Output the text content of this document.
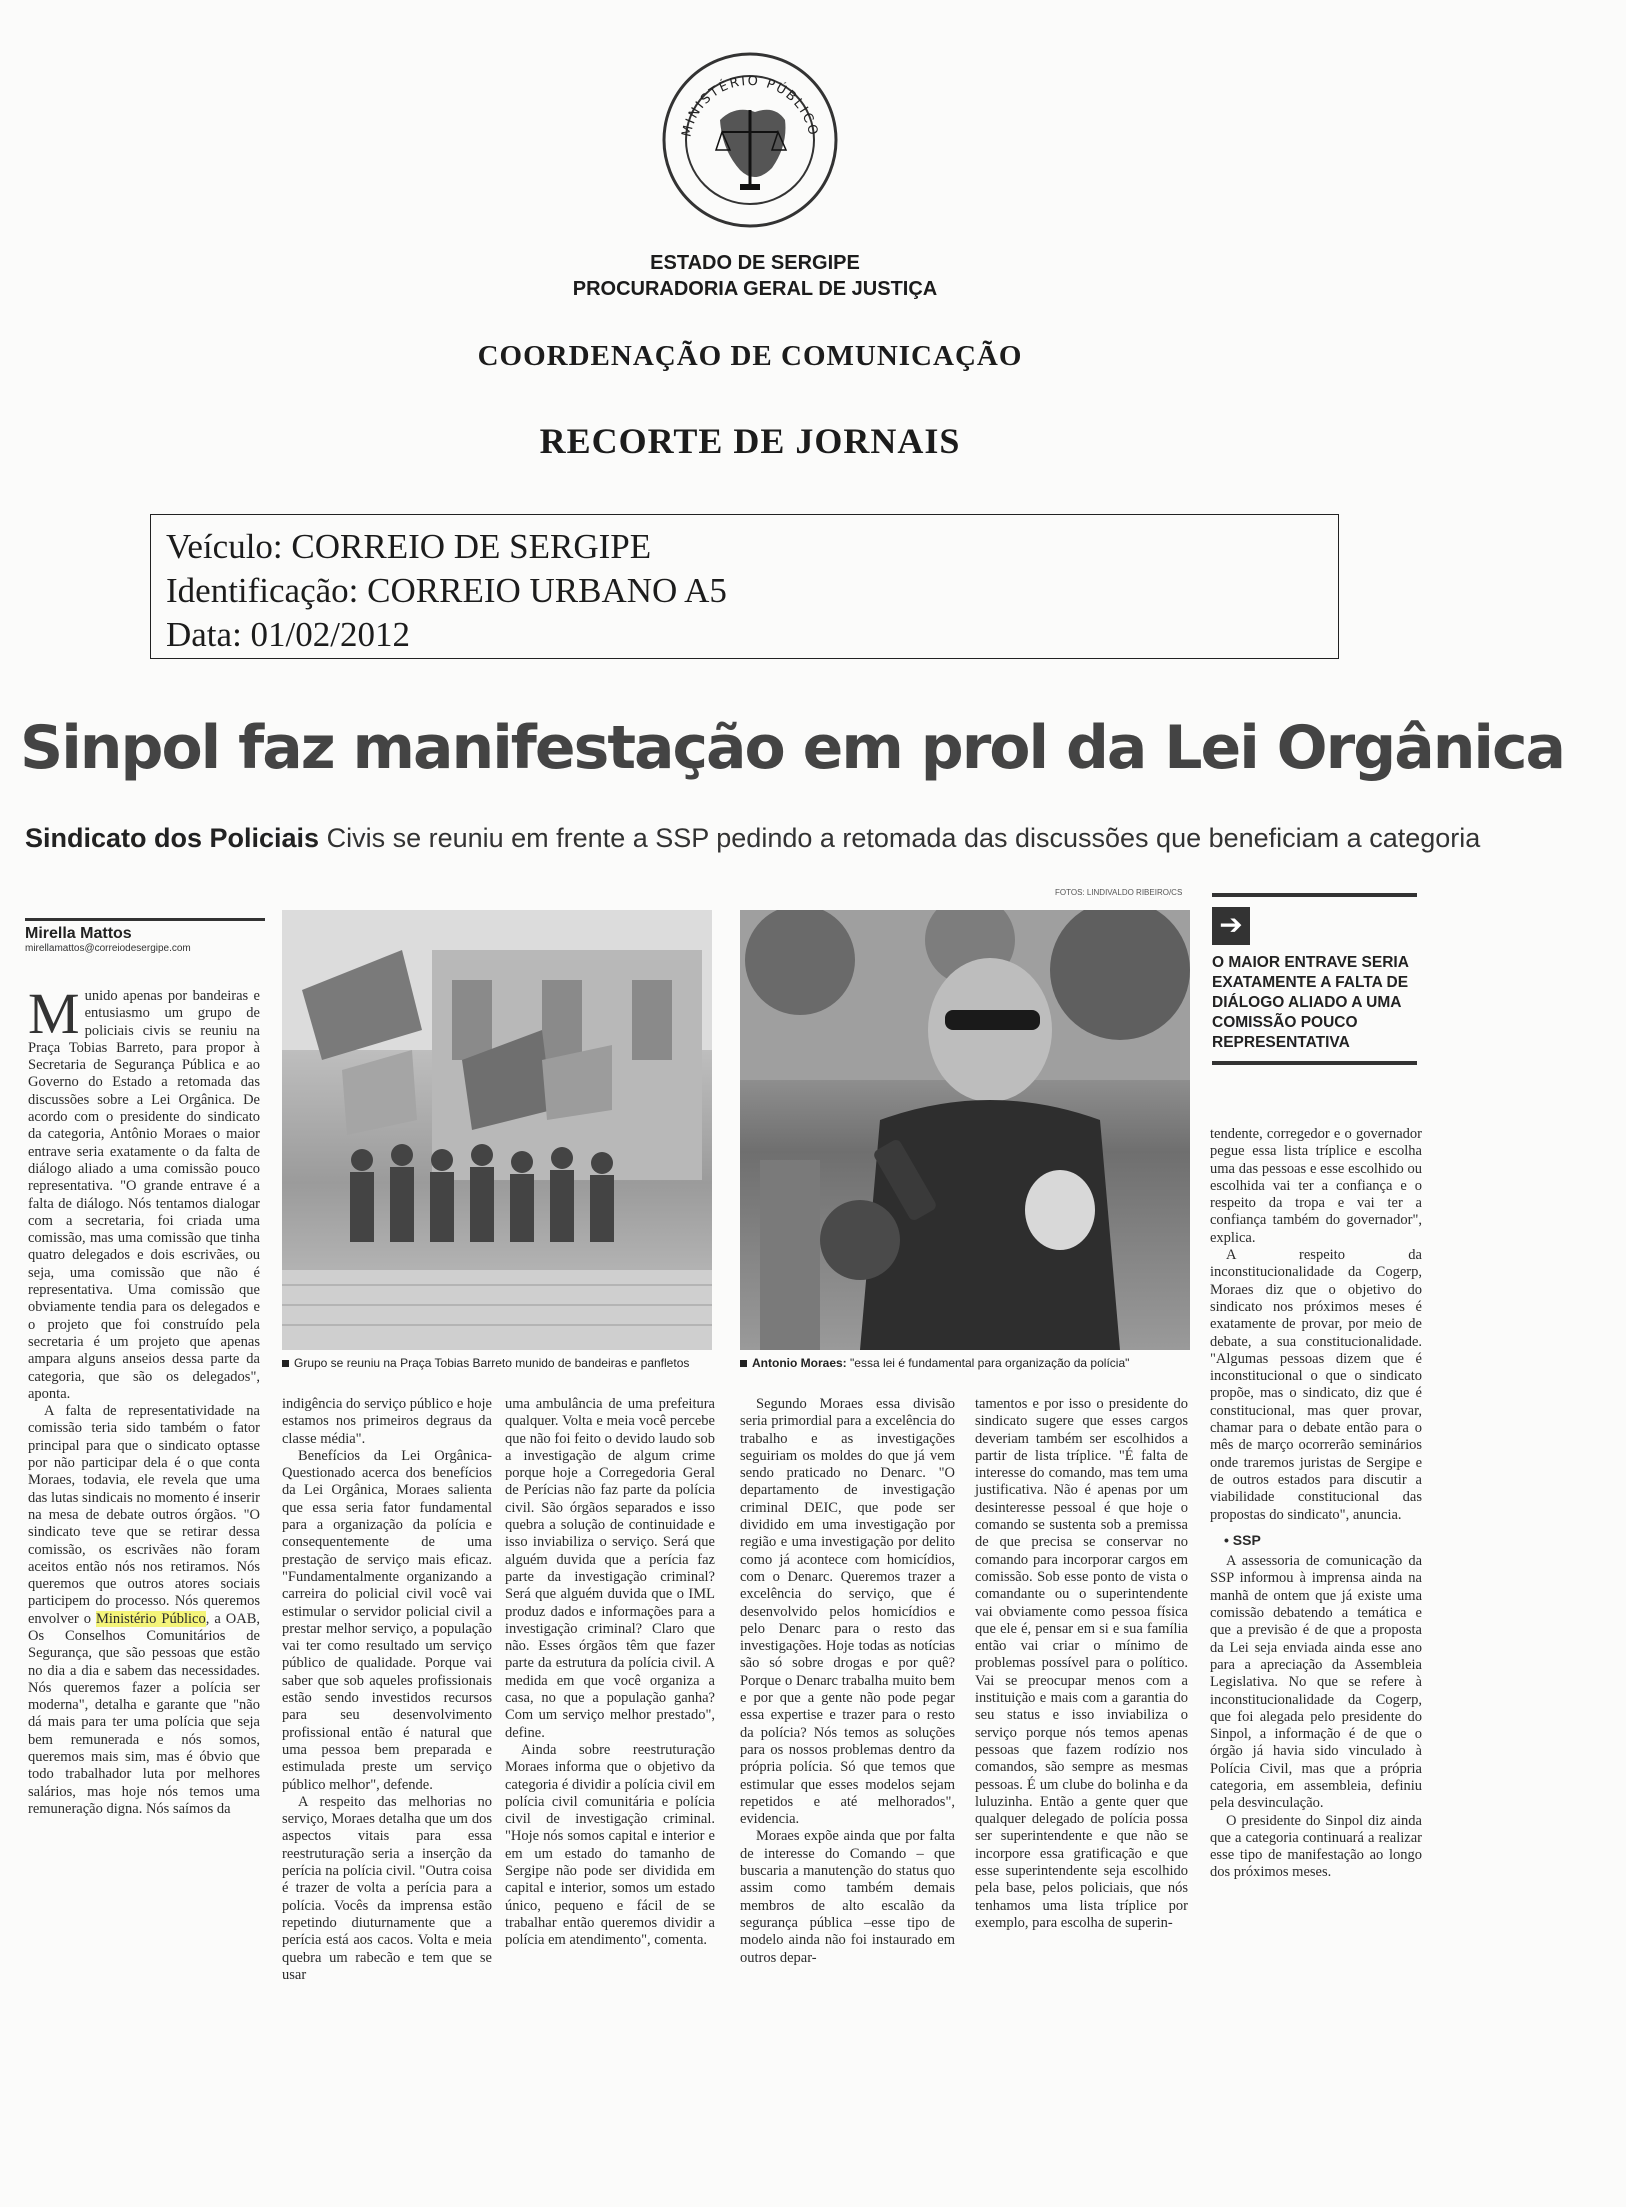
MINISTÉRIO PÚBLICO
ESTADO DE SERGIPE
PROCURADORIA GERAL DE JUSTIÇA
COORDENAÇÃO DE COMUNICAÇÃO
RECORTE DE JORNAIS
Veículo: CORREIO DE SERGIPE
Identificação: CORREIO URBANO A5
Data: 01/02/2012
Sinpol faz manifestação em prol da Lei Orgânica
Sindicato dos Policiais Civis se reuniu em frente a SSP pedindo a retomada das discussões que beneficiam a categoria
FOTOS: LINDIVALDO RIBEIRO/CS
Mirella Mattos
mirellamattos@correiodesergipe.com
Grupo se reuniu na Praça Tobias Barreto munido de bandeiras e panfletos	Antonio Moraes: "essa lei é fundamental para organização da polícia"
➔
O MAIOR ENTRAVE SERIA EXATAMENTE A FALTA DE DIÁLOGO ALIADO A UMA COMISSÃO POUCO REPRESENTATIVA

Munido apenas por bandeiras e entusiasmo um grupo de policiais civis se reuniu na Praça Tobias Barreto, para propor à Secretaria de Segurança Pública e ao Governo do Estado a retomada das discussões sobre a Lei Orgânica. De acordo com o presidente do sindicato da categoria, Antônio Moraes o maior entrave seria exatamente o da falta de diálogo aliado a uma comissão pouco representativa. "O grande entrave é a falta de diálogo. Nós tentamos dialogar com a secretaria, foi criada uma comissão, mas uma comissão que tinha quatro delegados e dois escrivães, ou seja, uma comissão que não é representativa. Uma comissão que obviamente tendia para os delegados e o projeto que foi construído pela secretaria é um projeto que apenas ampara alguns anseios dessa parte da categoria, que são os delegados", aponta.

A falta de representatividade na comissão teria sido também o fator principal para que o sindicato optasse por não participar dela é o que conta Moraes, todavia, ele revela que uma das lutas sindicais no momento é inserir na mesa de debate outros órgãos. "O sindicato teve que se retirar dessa comissão, os escrivães não foram aceitos então nós nos retiramos. Nós queremos que outros atores sociais participem do processo. Nós queremos envolver o Ministério Público, a OAB, Os Conselhos Comunitários de Segurança, que são pessoas que estão no dia a dia e sabem das necessidades. Nós queremos fazer a polícia ser moderna", detalha e garante que "não dá mais para ter uma polícia que seja bem remunerada e nós somos, queremos mais sim, mas é óbvio que todo trabalhador luta por melhores salários, mas hoje nós temos uma remuneração digna. Nós saímos da

indigência do serviço público e hoje estamos nos primeiros degraus da classe média".

Benefícios da Lei Orgânica- Questionado acerca dos benefícios da Lei Orgânica, Moraes salienta que essa seria fator fundamental para a organização da polícia e consequentemente de uma prestação de serviço mais eficaz. "Fundamentalmente organizando a carreira do policial civil você vai estimular o servidor policial civil a prestar melhor serviço, a população vai ter como resultado um serviço público de qualidade. Porque vai saber que sob aqueles profissionais estão sendo investidos recursos para seu desenvolvimento profissional então é natural que uma pessoa bem preparada e estimulada preste um serviço público melhor", defende.

A respeito das melhorias no serviço, Moraes detalha que um dos aspectos vitais para essa reestruturação seria a inserção da perícia na polícia civil. "Outra coisa é trazer de volta a perícia para a polícia. Vocês da imprensa estão repetindo diuturnamente que a perícia está aos cacos. Volta e meia quebra um rabecão e tem que se usar

uma ambulância de uma prefeitura qualquer. Volta e meia você percebe que não foi feito o devido laudo sob a investigação de algum crime porque hoje a Corregedoria Geral de Perícias não faz parte da polícia civil. São órgãos separados e isso quebra a solução de continuidade e isso inviabiliza o serviço. Será que alguém duvida que a perícia faz parte da investigação criminal? Será que alguém duvida que o IML produz dados e informações para a investigação criminal? Claro que não. Esses órgãos têm que fazer parte da estrutura da polícia civil. A medida em que você organiza a casa, no que a população ganha? Com um serviço melhor prestado", define.

Ainda sobre reestruturação Moraes informa que o objetivo da categoria é dividir a polícia civil em polícia civil comunitária e polícia civil de investigação criminal. "Hoje nós somos capital e interior e em um estado do tamanho de Sergipe não pode ser dividida em capital e interior, somos um estado único, pequeno e fácil de se trabalhar então queremos dividir a polícia em atendimento", comenta.

Segundo Moraes essa divisão seria primordial para a excelência do trabalho e as investigações seguiriam os moldes do que já vem sendo praticado no Denarc. "O departamento de investigação criminal DEIC, que pode ser dividido em uma investigação por região e uma investigação por delito como já acontece com homicídios, com o Denarc. Queremos trazer a excelência do serviço, que é desenvolvido pelos homicídios e pelo Denarc para o resto das investigações. Hoje todas as notícias são só sobre drogas e por quê? Porque o Denarc trabalha muito bem e por que a gente não pode pegar essa expertise e trazer para o resto da polícia? Nós temos as soluções para os nossos problemas dentro da própria polícia. Só que temos que estimular que esses modelos sejam repetidos e até melhorados", evidencia.

Moraes expõe ainda que por falta de interesse do Comando – que buscaria a manutenção do status quo assim como também demais membros de alto escalão da segurança pública –esse tipo de modelo ainda não foi instaurado em outros depar-

tamentos e por isso o presidente do sindicato sugere que esses cargos deveriam também ser escolhidos a partir de lista tríplice. "É falta de interesse do comando, mas tem uma justificativa. Não é apenas por um desinteresse pessoal é que hoje o comando se sustenta sob a premissa de que precisa se conservar no comando para incorporar cargos em comissão. Sob esse ponto de vista o comandante ou o superintendente vai obviamente como pessoa física que ele é, pensar em si e sua família então vai criar o mínimo de problemas possível para o político. Vai se preocupar menos com a instituição e mais com a garantia do seu status e isso inviabiliza o serviço porque nós temos apenas pessoas que fazem rodízio nos comandos, são sempre as mesmas pessoas. É um clube do bolinha e da luluzinha. Então a gente quer que qualquer delegado de polícia possa ser superintendente e que não se incorpore essa gratificação e que esse superintendente seja escolhido pela base, pelos policiais, que nós tenhamos uma lista tríplice por exemplo, para escolha de superin-

tendente, corregedor e o governador pegue essa lista tríplice e escolha uma das pessoas e esse escolhido ou escolhida vai ter a confiança e o respeito da tropa e vai ter a confiança também do governador", explica.

A respeito da inconstitucionalidade da Cogerp, Moraes diz que o objetivo do sindicato nos próximos meses é exatamente de provar, por meio de debate, a sua constitucionalidade. "Algumas pessoas dizem que é inconstitucional o que o sindicato propõe, mas o sindicato, diz que é constitucional, mas quer provar, chamar para o debate então para o mês de março ocorrerão seminários onde traremos juristas de Sergipe e de outros estados para discutir a viabilidade constitucional das propostas do sindicato", anuncia.

• SSP

A assessoria de comunicação da SSP informou à imprensa ainda na manhã de ontem que já existe uma comissão debatendo a temática e que a previsão é de que a proposta da Lei seja enviada ainda esse ano para a apreciação da Assembleia Legislativa. No que se refere à inconstitucionalidade da Cogerp, que foi alegada pelo presidente do Sinpol, a informação é de que o órgão já havia sido vinculado à Polícia Civil, mas que a própria categoria, em assembleia, definiu pela desvinculação.

O presidente do Sinpol diz ainda que a categoria continuará a realizar esse tipo de manifestação ao longo dos próximos meses.
